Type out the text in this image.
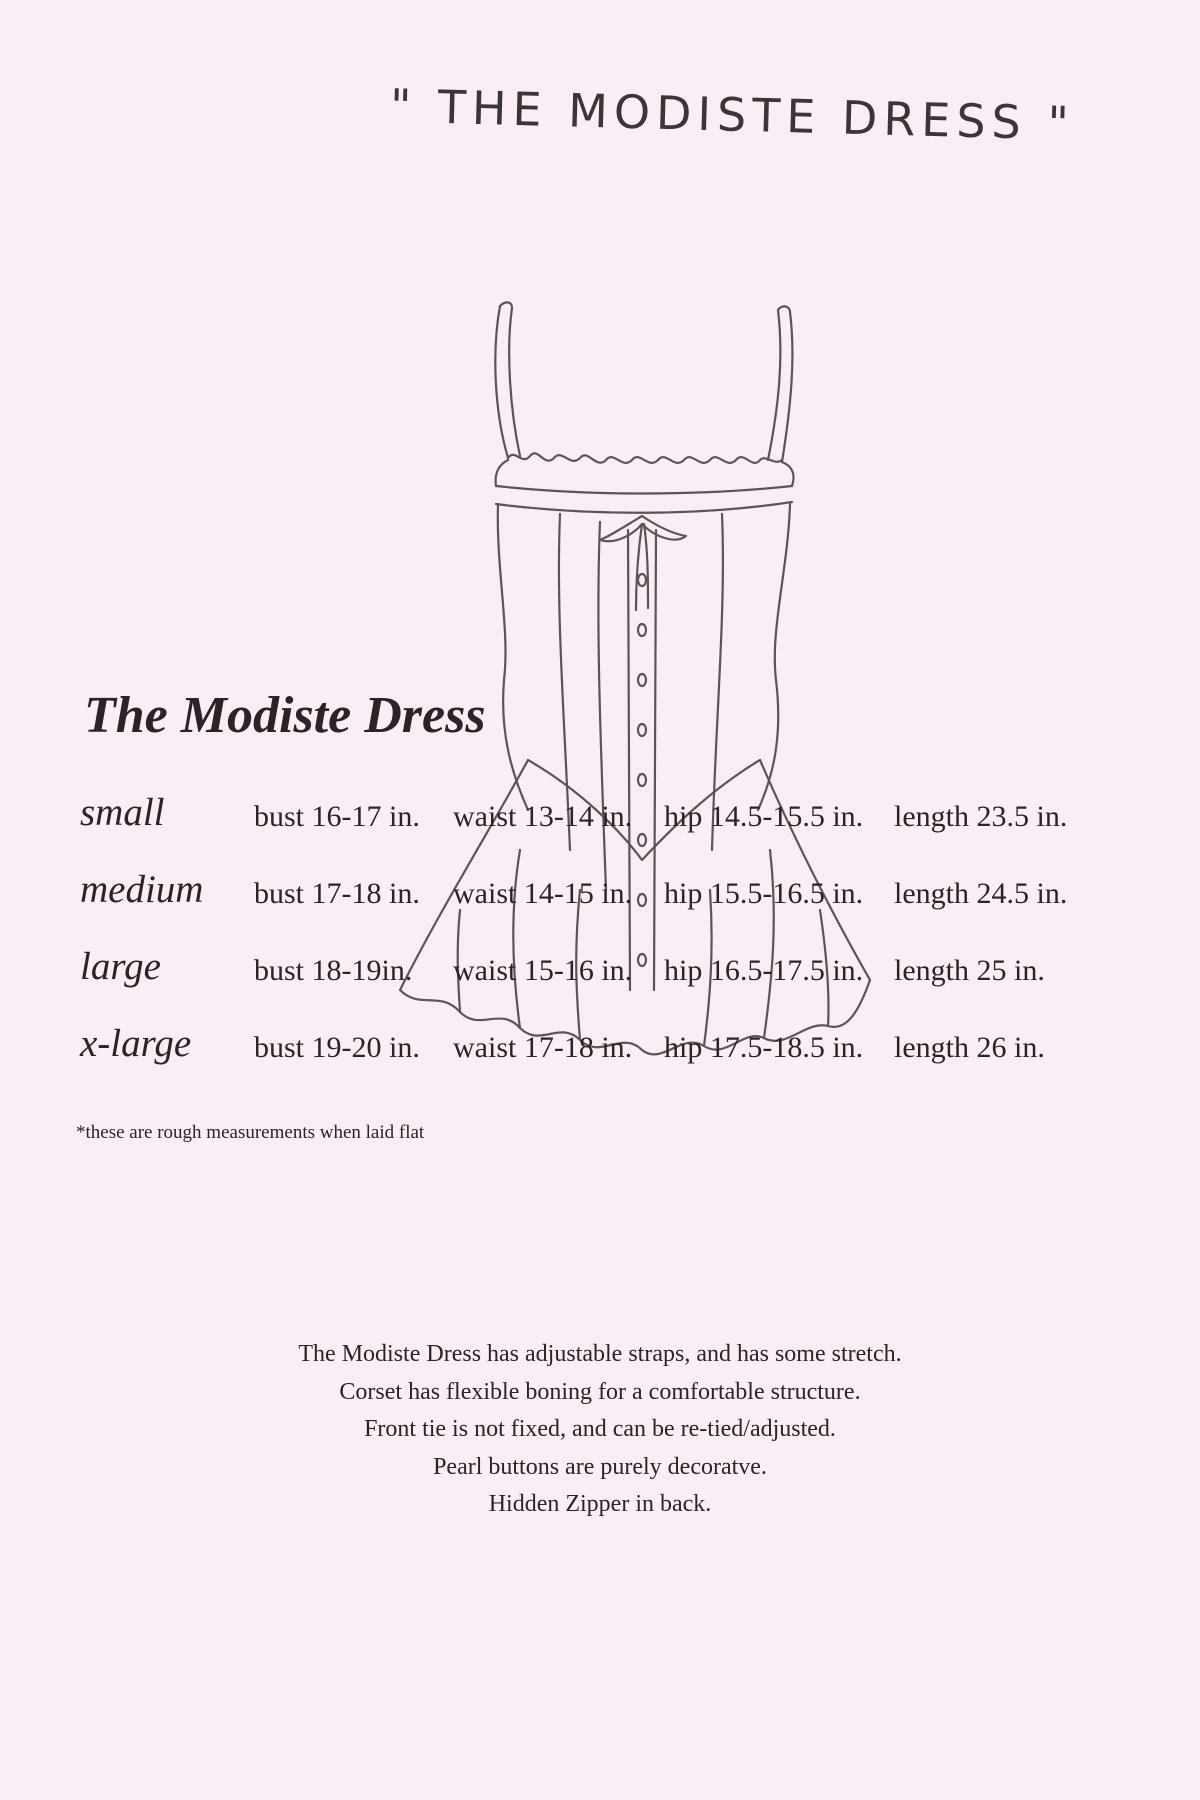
" THE MODISTE DRESS "
The Modiste Dress
small	bust 16-17 in. waist 13-14 in. hip 14.5-15.5 in. length 23.5 in.
medium bust 17-18 in. waist 14-15 in. hip 15.5-16.5 in. length 24.5 in.
large	bust 18-19in. waist 15-16 in. hip 16.5-17.5 in. length 25 in.
x-large bust 19-20 in. waist 17-18 in. hip 17.5-18.5 in. length 26 in.
*these are rough measurements when laid flat
The Modiste Dress has adjustable straps, and has some stretch.
Corset has flexible boning for a comfortable structure.
Front tie is not fixed, and can be re-tied/adjusted.
Pearl buttons are purely decoratve.
Hidden Zipper in back.
